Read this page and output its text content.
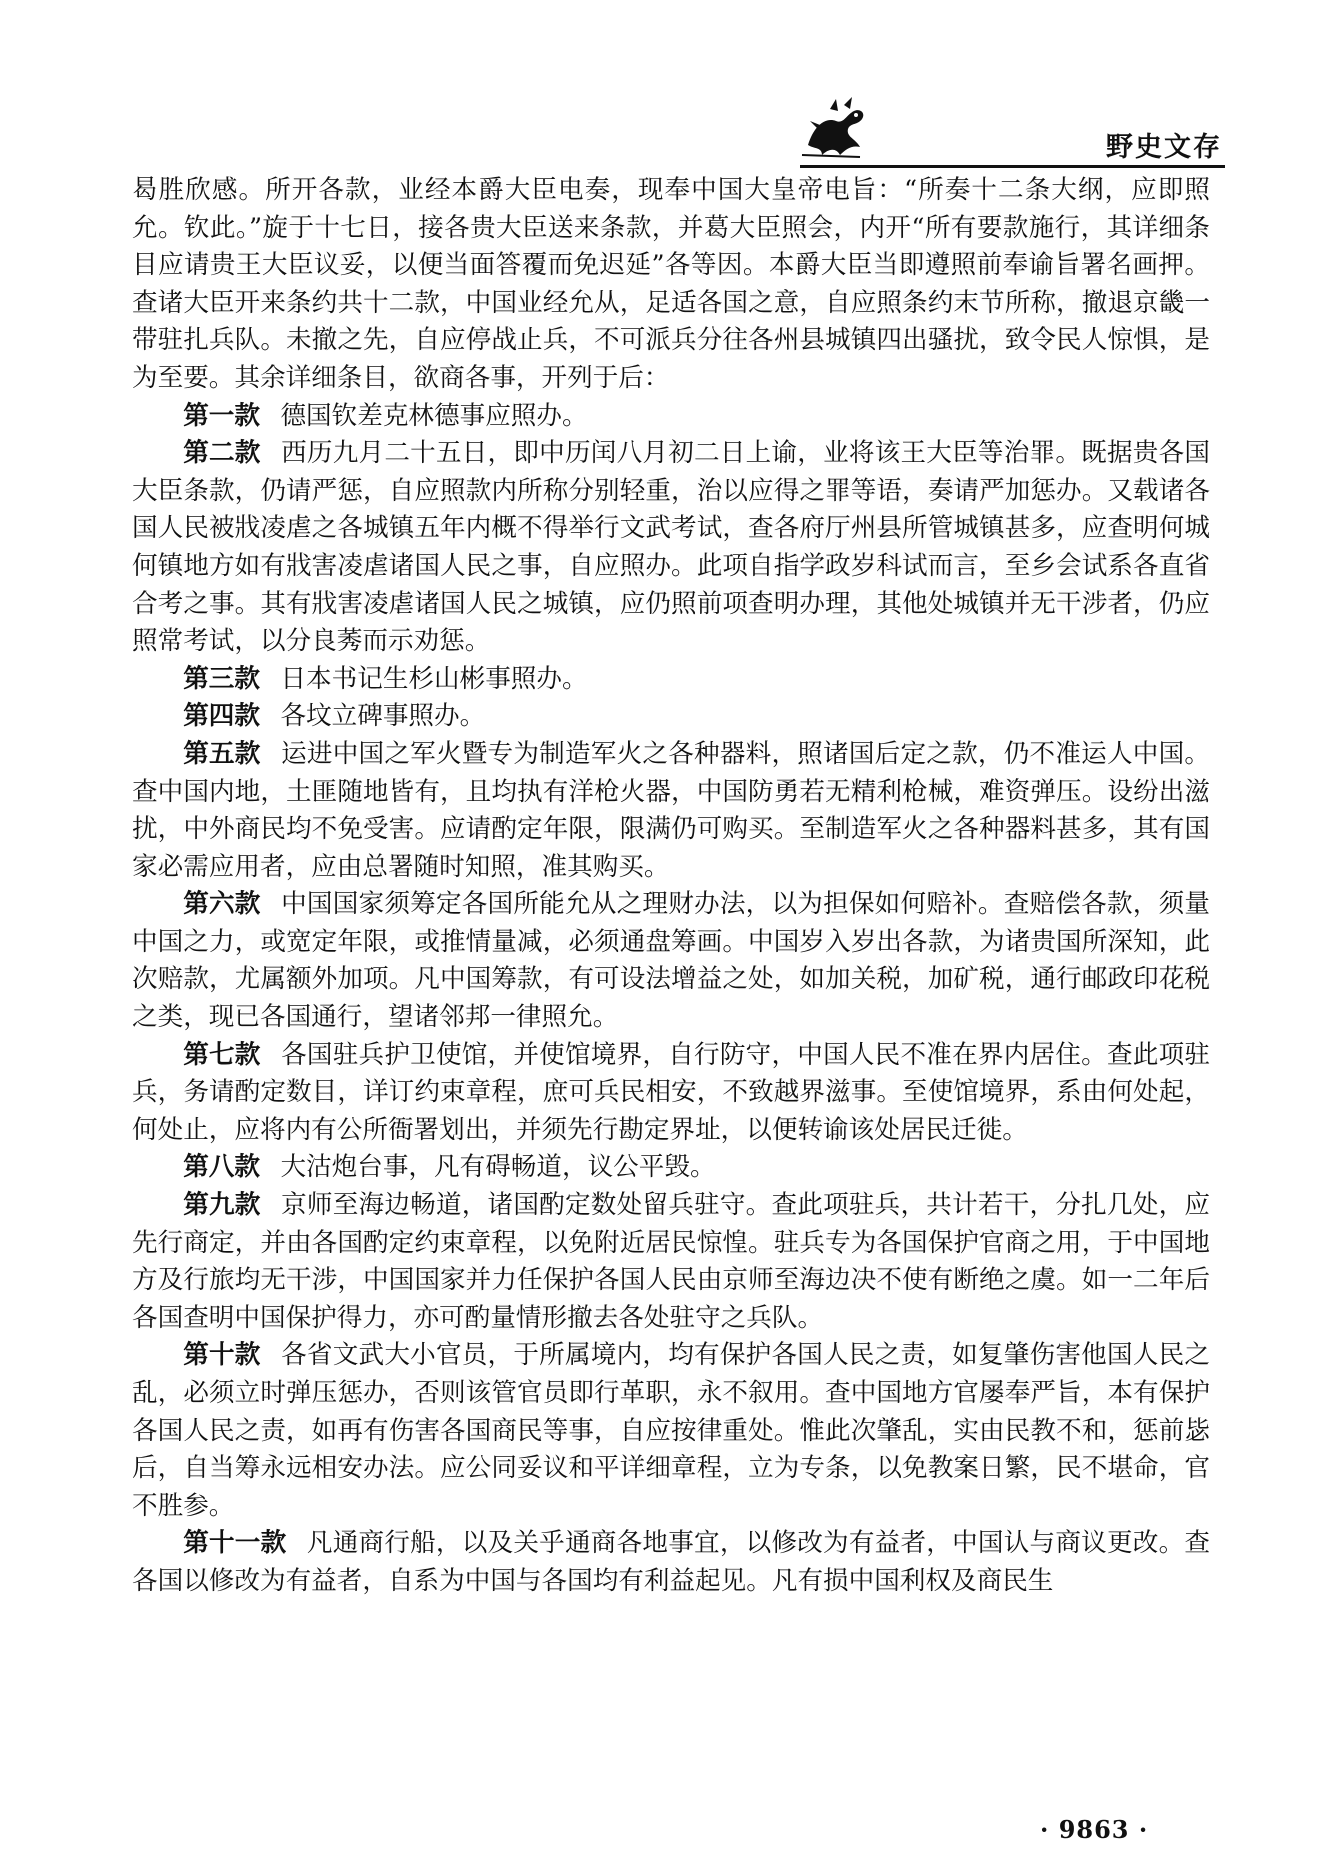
野史文存

曷胜欣感。所开各款，业经本爵大臣电奏，现奉中国大皇帝电旨：“所奏十二条大纲，应即照允。钦此。”旋于十七日，接各贵大臣送来条款，并葛大臣照会，内开“所有要款施行，其详细条目应请贵王大臣议妥，以便当面答覆而免迟延”各等因。本爵大臣当即遵照前奉谕旨署名画押。查诸大臣开来条约共十二款，中国业经允从，足适各国之意，自应照条约末节所称，撤退京畿一带驻扎兵队。未撤之先，自应停战止兵，不可派兵分往各州县城镇四出骚扰，致令民人惊惧，是为至要。其余详细条目，欲商各事，开列于后：

第一款 德国钦差克林德事应照办。

第二款 西历九月二十五日，即中历闰八月初二日上谕，业将该王大臣等治罪。既据贵各国大臣条款，仍请严惩，自应照款内所称分别轻重，治以应得之罪等语，奏请严加惩办。又载诸各国人民被戕凌虐之各城镇五年内概不得举行文武考试，查各府厅州县所管城镇甚多，应查明何城何镇地方如有戕害凌虐诸国人民之事，自应照办。此项自指学政岁科试而言，至乡会试系各直省合考之事。其有戕害凌虐诸国人民之城镇，应仍照前项查明办理，其他处城镇并无干涉者，仍应照常考试，以分良莠而示劝惩。

第三款 日本书记生杉山彬事照办。

第四款 各坟立碑事照办。

第五款 运进中国之军火暨专为制造军火之各种器料，照诸国后定之款，仍不准运人中国。查中国内地，土匪随地皆有，且均执有洋枪火器，中国防勇若无精利枪械，难资弹压。设纷出滋扰，中外商民均不免受害。应请酌定年限，限满仍可购买。至制造军火之各种器料甚多，其有国家必需应用者，应由总署随时知照，准其购买。

第六款 中国国家须筹定各国所能允从之理财办法，以为担保如何赔补。查赔偿各款，须量中国之力，或宽定年限，或推情量减，必须通盘筹画。中国岁入岁出各款，为诸贵国所深知，此次赔款，尤属额外加项。凡中国筹款，有可设法增益之处，如加关税，加矿税，通行邮政印花税之类，现已各国通行，望诸邻邦一律照允。

第七款 各国驻兵护卫使馆，并使馆境界，自行防守，中国人民不准在界内居住。查此项驻兵，务请酌定数目，详订约束章程，庶可兵民相安，不致越界滋事。至使馆境界，系由何处起，何处止，应将内有公所衙署划出，并须先行勘定界址，以便转谕该处居民迁徙。

第八款 大沽炮台事，凡有碍畅道，议公平毁。

第九款 京师至海边畅道，诸国酌定数处留兵驻守。查此项驻兵，共计若干，分扎几处，应先行商定，并由各国酌定约束章程，以免附近居民惊惶。驻兵专为各国保护官商之用，于中国地方及行旅均无干涉，中国国家并力任保护各国人民由京师至海边决不使有断绝之虞。如一二年后各国查明中国保护得力，亦可酌量情形撤去各处驻守之兵队。

第十款 各省文武大小官员，于所属境内，均有保护各国人民之责，如复肇伤害他国人民之乱，必须立时弹压惩办，否则该管官员即行革职，永不叙用。查中国地方官屡奉严旨，本有保护各国人民之责，如再有伤害各国商民等事，自应按律重处。惟此次肇乱，实由民教不和，惩前毖后，自当筹永远相安办法。应公同妥议和平详细章程，立为专条，以免教案日繁，民不堪命，官不胜参。

第十一款 凡通商行船，以及关乎通商各地事宜，以修改为有益者，中国认与商议更改。查各国以修改为有益者，自系为中国与各国均有利益起见。凡有损中国利权及商民生

· 9863 ·
